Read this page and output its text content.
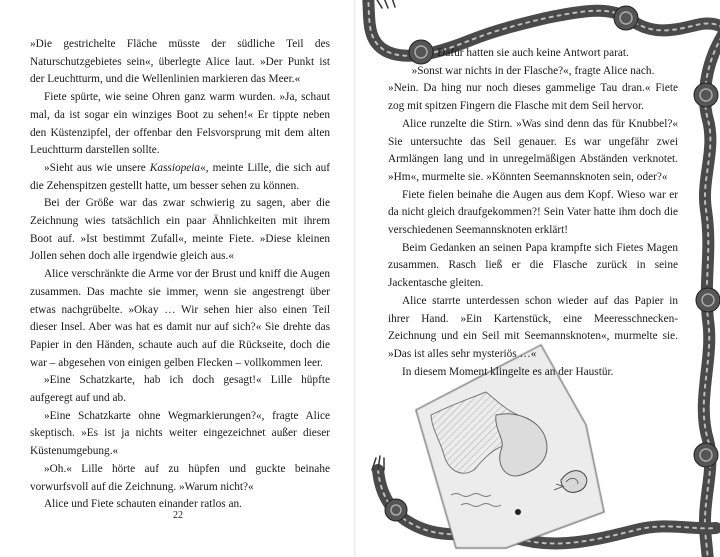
»Die gestrichelte Fläche müsste der südliche Teil des Naturschutzgebietes sein«, überlegte Alice laut. »Der Punkt ist der Leuchtturm, und die Wellenlinien markieren das Meer.«

Fiete spürte, wie seine Ohren ganz warm wurden. »Ja, schaut mal, da ist sogar ein winziges Boot zu sehen!« Er tippte neben den Küstenzipfel, der offenbar den Felsvorsprung mit dem alten Leuchtturm darstellen sollte.

»Sieht aus wie unsere Kassiopeia«, meinte Lille, die sich auf die Zehenspitzen gestellt hatte, um besser sehen zu können.

Bei der Größe war das zwar schwierig zu sagen, aber die Zeichnung wies tatsächlich ein paar Ähnlichkeiten mit ihrem Boot auf. »Ist bestimmt Zufall«, meinte Fiete. »Diese kleinen Jollen sehen doch alle irgendwie gleich aus.«

Alice verschränkte die Arme vor der Brust und kniff die Augen zusammen. Das machte sie immer, wenn sie angestrengt über etwas nachgrübelte. »Okay … Wir sehen hier also einen Teil dieser Insel. Aber was hat es damit nur auf sich?« Sie drehte das Papier in den Händen, schaute auch auf die Rückseite, doch die war – abgesehen von einigen gelben Flecken – vollkommen leer.

»Eine Schatzkarte, hab ich doch gesagt!« Lille hüpfte aufgeregt auf und ab.

»Eine Schatzkarte ohne Wegmarkierungen?«, fragte Alice skeptisch. »Es ist ja nichts weiter eingezeichnet außer dieser Küstenumgebung.«

»Oh.« Lille hörte auf zu hüpfen und guckte beinahe vorwurfsvoll auf die Zeichnung. »Warum nicht?«

Alice und Fiete schauten einander ratlos an.

22

Dafür hatten sie auch keine Antwort parat.

»Sonst war nichts in der Flasche?«, fragte Alice nach.

»Nein. Da hing nur noch dieses gammelige Tau dran.« Fiete zog mit spitzen Fingern die Flasche mit dem Seil hervor.

Alice runzelte die Stirn. »Was sind denn das für Knubbel?« Sie untersuchte das Seil genauer. Es war ungefähr zwei Armlängen lang und in unregelmäßigen Abständen verknotet. »Hm«, murmelte sie. »Könnten Seemannsknoten sein, oder?«

Fiete fielen beinahe die Augen aus dem Kopf. Wieso war er da nicht gleich draufgekommen?! Sein Vater hatte ihm doch die verschiedenen Seemannsknoten erklärt!

Beim Gedanken an seinen Papa krampfte sich Fietes Magen zusammen. Rasch ließ er die Flasche zurück in seine Jackentasche gleiten.

Alice starrte unterdessen schon wieder auf das Papier in ihrer Hand. »Ein Kartenstück, eine Meeresschnecken-Zeichnung und ein Seil mit Seemannsknoten«, murmelte sie. »Das ist alles sehr mysteriös …«

In diesem Moment klingelte es an der Haustür.
